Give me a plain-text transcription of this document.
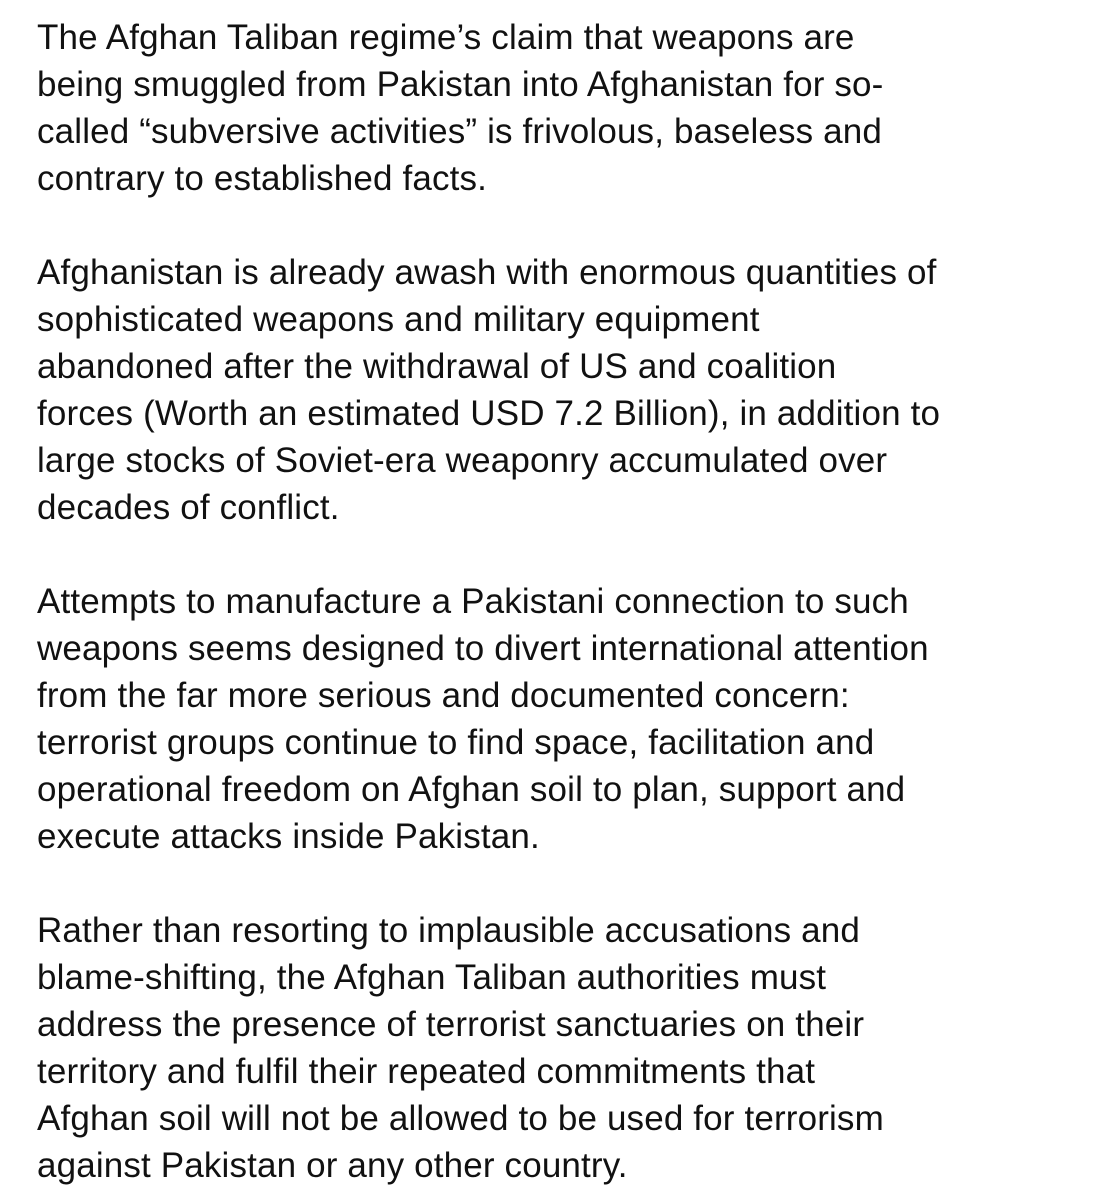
The Afghan Taliban regime’s claim that weapons are
being smuggled from Pakistan into Afghanistan for so-
called “subversive activities” is frivolous, baseless and
contrary to established facts.

Afghanistan is already awash with enormous quantities of
sophisticated weapons and military equipment
abandoned after the withdrawal of US and coalition
forces (Worth an estimated USD 7.2 Billion), in addition to
large stocks of Soviet-era weaponry accumulated over
decades of conflict.

Attempts to manufacture a Pakistani connection to such
weapons seems designed to divert international attention
from the far more serious and documented concern:
terrorist groups continue to find space, facilitation and
operational freedom on Afghan soil to plan, support and
execute attacks inside Pakistan.

Rather than resorting to implausible accusations and
blame-shifting, the Afghan Taliban authorities must
address the presence of terrorist sanctuaries on their
territory and fulfil their repeated commitments that
Afghan soil will not be allowed to be used for terrorism
against Pakistan or any other country.
